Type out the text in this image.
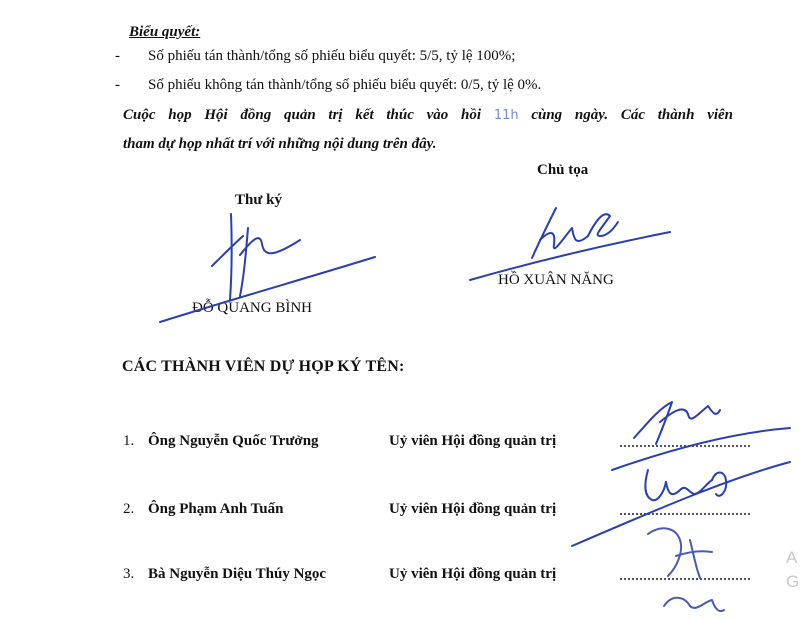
Biểu quyết:
- Số phiếu tán thành/tổng số phiếu biểu quyết: 5/5, tỷ lệ 100%;
- Số phiếu không tán thành/tổng số phiếu biểu quyết: 0/5, tỷ lệ 0%.
Cuộc họp Hội đồng quản trị kết thúc vào hồi 11h cùng ngày. Các thành viên
tham dự họp nhất trí với những nội dung trên đây.
Chủ tọa
Thư ký
HỒ XUÂN NĂNG
ĐỖ QUANG BÌNH
CÁC THÀNH VIÊN DỰ HỌP KÝ TÊN:
1. Ông Nguyễn Quốc Trưởng	Uỷ viên Hội đồng quản trị
2. Ông Phạm Anh Tuấn	Uỷ viên Hội đồng quản trị
3. Bà Nguyễn Diệu Thúy Ngọc	Uỷ viên Hội đồng quản trị
A
G
